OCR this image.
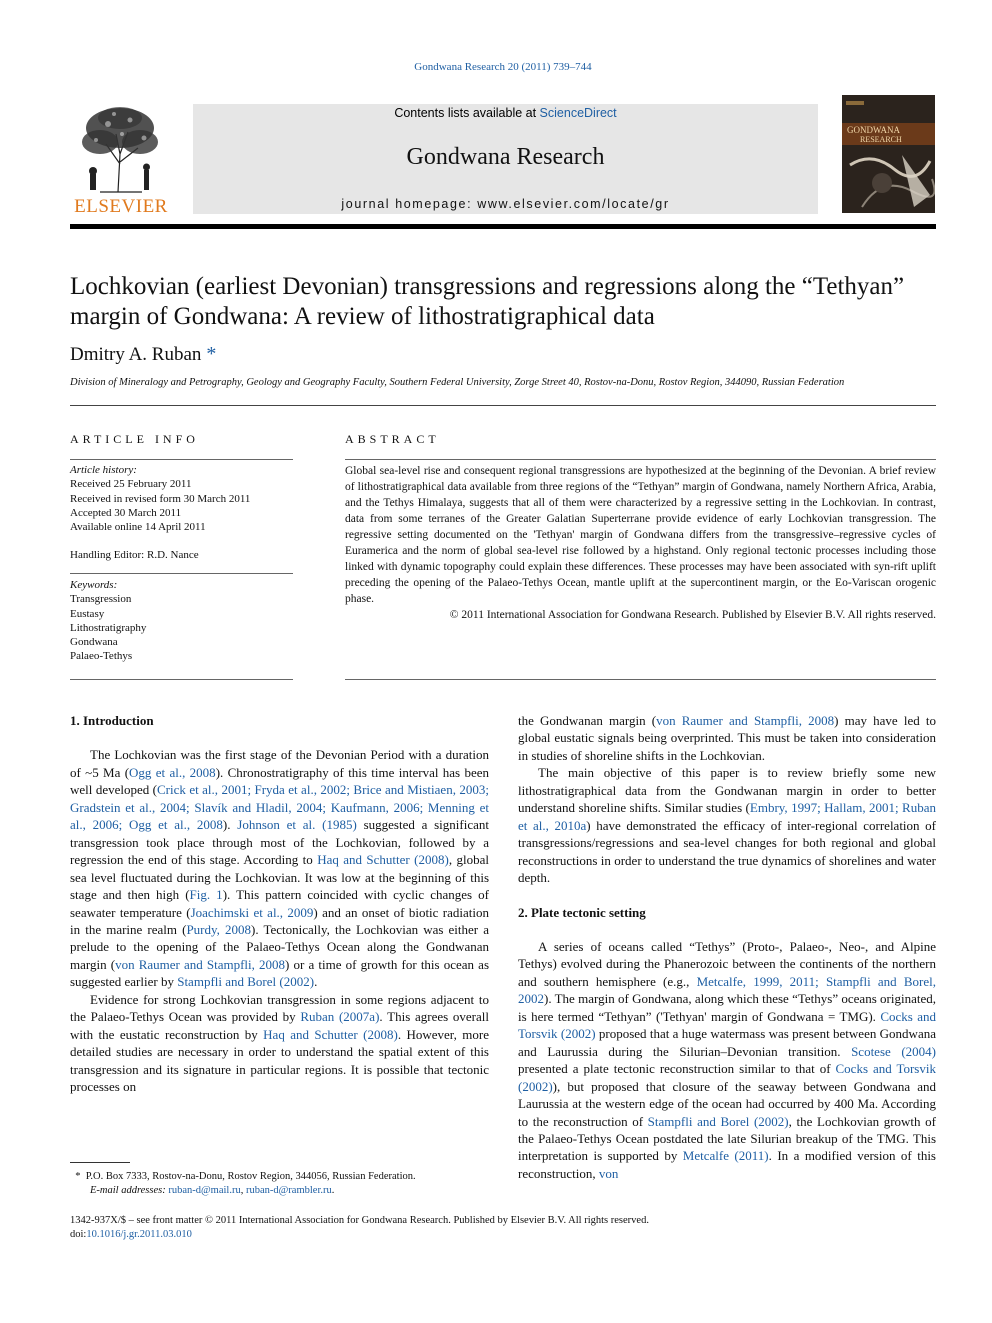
Gondwana Research 20 (2011) 739–744
ELSEVIER
Contents lists available at ScienceDirect
Gondwana Research
journal homepage: www.elsevier.com/locate/gr
GONDWANA
RESEARCH
Lochkovian (earliest Devonian) transgressions and regressions along the “Tethyan”
margin of Gondwana: A review of lithostratigraphical data
Dmitry A. Ruban *
Division of Mineralogy and Petrography, Geology and Geography Faculty, Southern Federal University, Zorge Street 40, Rostov-na-Donu, Rostov Region, 344090, Russian Federation
ARTICLE INFO
Article history:
Received 25 February 2011
Received in revised form 30 March 2011
Accepted 30 March 2011
Available online 14 April 2011
Handling Editor: R.D. Nance
Keywords:
Transgression
Eustasy
Lithostratigraphy
Gondwana
Palaeo-Tethys
ABSTRACT
Global sea-level rise and consequent regional transgressions are hypothesized at the beginning of the Devonian. A brief review of lithostratigraphical data available from three regions of the “Tethyan” margin of Gondwana, namely Northern Africa, Arabia, and the Tethys Himalaya, suggests that all of them were characterized by a regressive setting in the Lochkovian. In contrast, data from some terranes of the Greater Galatian Superterrane provide evidence of early Lochkovian transgression. The regressive setting documented on the 'Tethyan' margin of Gondwana differs from the transgressive–regressive cycles of Euramerica and the norm of global sea-level rise followed by a highstand. Only regional tectonic processes including those linked with dynamic topography could explain these differences. These processes may have been associated with syn-rift uplift preceding the opening of the Palaeo-Tethys Ocean, mantle uplift at the supercontinent margin, or the Eo-Variscan orogenic phase.
© 2011 International Association for Gondwana Research. Published by Elsevier B.V. All rights reserved.
1. Introduction

The Lochkovian was the first stage of the Devonian Period with a duration of ~5 Ma (Ogg et al., 2008). Chronostratigraphy of this time interval has been well developed (Crick et al., 2001; Fryda et al., 2002; Brice and Mistiaen, 2003; Gradstein et al., 2004; Slavík and Hladil, 2004; Kaufmann, 2006; Menning et al., 2006; Ogg et al., 2008). Johnson et al. (1985) suggested a significant transgression took place through most of the Lochkovian, followed by a regression the end of this stage. According to Haq and Schutter (2008), global sea level fluctuated during the Lochkovian. It was low at the beginning of this stage and then high (Fig. 1). This pattern coincided with cyclic changes of seawater temperature (Joachimski et al., 2009) and an onset of biotic radiation in the marine realm (Purdy, 2008). Tectonically, the Lochkovian was either a prelude to the opening of the Palaeo-Tethys Ocean along the Gondwanan margin (von Raumer and Stampfli, 2008) or a time of growth for this ocean as suggested earlier by Stampfli and Borel (2002).

Evidence for strong Lochkovian transgression in some regions adjacent to the Palaeo-Tethys Ocean was provided by Ruban (2007a). This agrees overall with the eustatic reconstruction by Haq and Schutter (2008). However, more detailed studies are necessary in order to understand the spatial extent of this transgression and its signature in particular regions. It is possible that tectonic processes on

the Gondwanan margin (von Raumer and Stampfli, 2008) may have led to global eustatic signals being overprinted. This must be taken into consideration in studies of shoreline shifts in the Lochkovian.

The main objective of this paper is to review briefly some new lithostratigraphical data from the Gondwanan margin in order to better understand shoreline shifts. Similar studies (Embry, 1997; Hallam, 2001; Ruban et al., 2010a) have demonstrated the efficacy of inter-regional correlation of transgressions/regressions and sea-level changes for both regional and global reconstructions in order to understand the true dynamics of shorelines and water depth.

2. Plate tectonic setting

A series of oceans called “Tethys” (Proto-, Palaeo-, Neo-, and Alpine Tethys) evolved during the Phanerozoic between the continents of the northern and southern hemisphere (e.g., Metcalfe, 1999, 2011; Stampfli and Borel, 2002). The margin of Gondwana, along which these “Tethys” oceans originated, is here termed “Tethyan” ('Tethyan' margin of Gondwana = TMG). Cocks and Torsvik (2002) proposed that a huge watermass was present between Gondwana and Laurussia during the Silurian–Devonian transition. Scotese (2004) presented a plate tectonic reconstruction similar to that of Cocks and Torsvik (2002)), but proposed that closure of the seaway between Gondwana and Laurussia at the western edge of the ocean had occurred by 400 Ma. According to the reconstruction of Stampfli and Borel (2002), the Lochkovian growth of the Palaeo-Tethys Ocean postdated the late Silurian breakup of the TMG. This interpretation is supported by Metcalfe (2011). In a modified version of this reconstruction, von

* P.O. Box 7333, Rostov-na-Donu, Rostov Region, 344056, Russian Federation.
E-mail addresses: ruban-d@mail.ru, ruban-d@rambler.ru.
1342-937X/$ – see front matter © 2011 International Association for Gondwana Research. Published by Elsevier B.V. All rights reserved.
doi:10.1016/j.gr.2011.03.010
